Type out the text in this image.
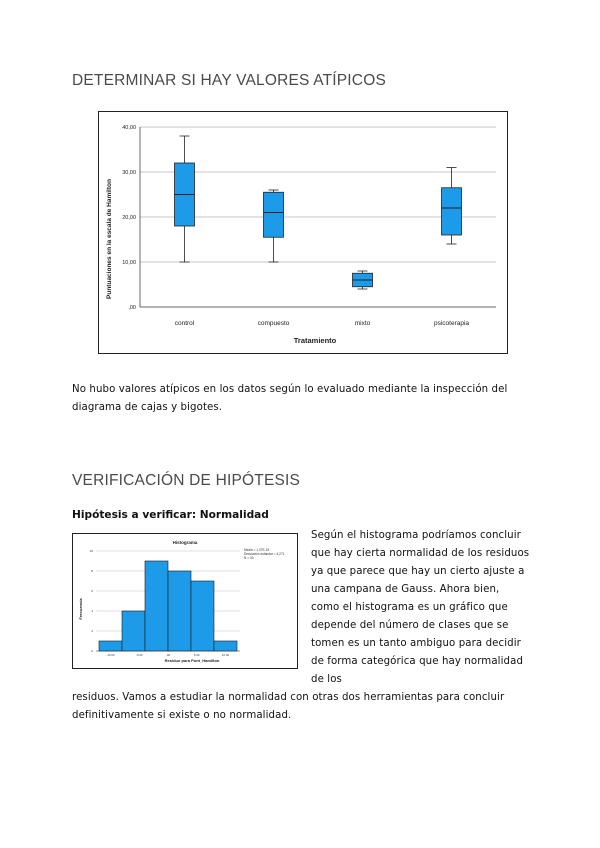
DETERMINAR SI HAY VALORES ATÍPICOS
,00
10,00
20,00
30,00
40,00
control	compuesto	mixto	psicoterapia
Puntuaciones en la escala de Hamilton
Tratamiento

No hubo valores atípicos en los datos según lo evaluado mediante la inspección del diagrama de cajas y bigotes.

VERIFICACIÓN DE HIPÓTESIS

Hipótesis a verificar: Normalidad

Histograma
Media = 1,07E-15
Desviación estándar = 4,271
N = 40
0
2
4
6
8
10
-10,00	-5,00	,00	5,00	10,00
Frecuencia
Residuo para Punt_Hamilton

Según el histograma podríamos concluir que hay cierta normalidad de los residuos ya que parece que hay un cierto ajuste a una campana de Gauss. Ahora bien, como el histograma es un gráfico que depende del número de clases que se tomen es un tanto ambiguo para decidir de forma categórica que hay normalidad de los

residuos. Vamos a estudiar la normalidad con otras dos herramientas para concluir definitivamente si existe o no normalidad.
